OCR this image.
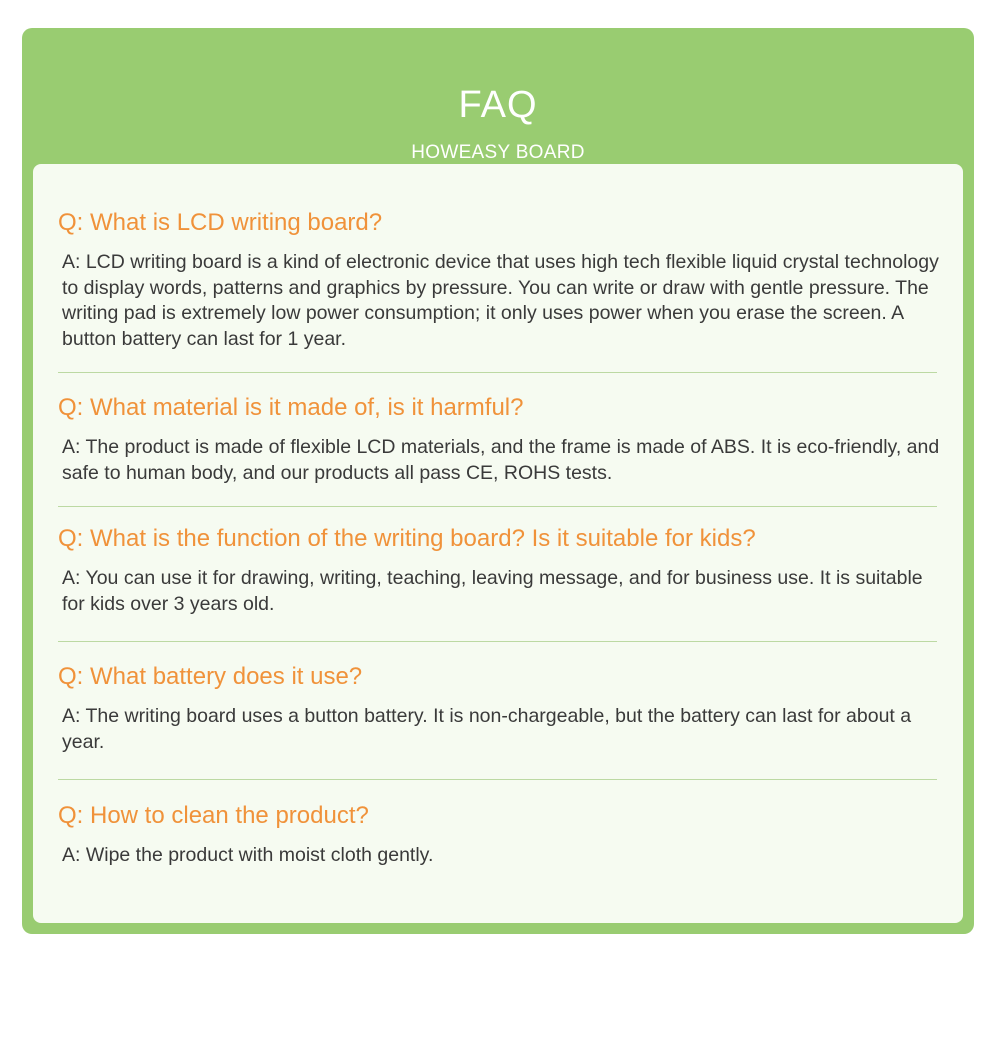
FAQ
HOWEASY BOARD

Q: What is LCD writing board?

A: LCD writing board is a kind of electronic device that uses high tech flexible liquid crystal technology to display words, patterns and graphics by pressure. You can write or draw with gentle pressure. The writing pad is extremely low power consumption; it only uses power when you erase the screen. A button battery can last for 1 year.

Q: What material is it made of, is it harmful?

A: The product is made of flexible LCD materials, and the frame is made of ABS. It is eco-friendly, and safe to human body, and our products all pass CE, ROHS tests.

Q: What is the function of the writing board? Is it suitable for kids?

A: You can use it for drawing, writing, teaching, leaving message, and for business use. It is suitable for kids over 3 years old.

Q: What battery does it use?

A: The writing board uses a button battery. It is non-chargeable, but the battery can last for about a year.

Q: How to clean the product?

A: Wipe the product with moist cloth gently.
